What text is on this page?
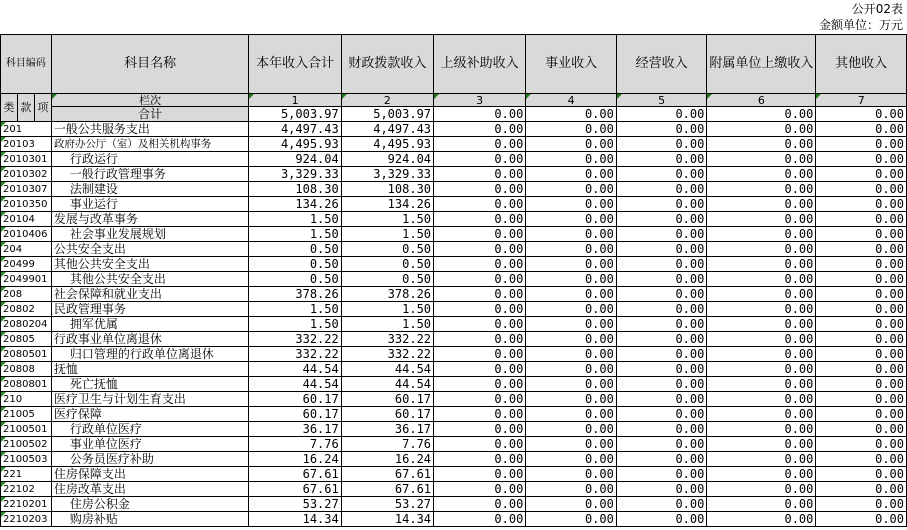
公开02表
金额单位：万元
科目编码			科目名称	本年收入合计	财政拨款收入	上级补助收入	事业收入	经营收入	附属单位上缴收入	其他收入
类	款	项	栏次	1	2	3	4	5	6	7
			合计	5,003.97	5,003.97	0.00	0.00	0.00	0.00	0.00
201			一般公共服务支出	4,497.43	4,497.43	0.00	0.00	0.00	0.00	0.00
20103			政府办公厅（室）及相关机构事务	4,495.93	4,495.93	0.00	0.00	0.00	0.00	0.00
2010301			行政运行	924.04	924.04	0.00	0.00	0.00	0.00	0.00
2010302			一般行政管理事务	3,329.33	3,329.33	0.00	0.00	0.00	0.00	0.00
2010307			法制建设	108.30	108.30	0.00	0.00	0.00	0.00	0.00
2010350			事业运行	134.26	134.26	0.00	0.00	0.00	0.00	0.00
20104			发展与改革事务	1.50	1.50	0.00	0.00	0.00	0.00	0.00
2010406			社会事业发展规划	1.50	1.50	0.00	0.00	0.00	0.00	0.00
204			公共安全支出	0.50	0.50	0.00	0.00	0.00	0.00	0.00
20499			其他公共安全支出	0.50	0.50	0.00	0.00	0.00	0.00	0.00
2049901			其他公共安全支出	0.50	0.50	0.00	0.00	0.00	0.00	0.00
208			社会保障和就业支出	378.26	378.26	0.00	0.00	0.00	0.00	0.00
20802			民政管理事务	1.50	1.50	0.00	0.00	0.00	0.00	0.00
2080204			拥军优属	1.50	1.50	0.00	0.00	0.00	0.00	0.00
20805			行政事业单位离退休	332.22	332.22	0.00	0.00	0.00	0.00	0.00
2080501			归口管理的行政单位离退休	332.22	332.22	0.00	0.00	0.00	0.00	0.00
20808			抚恤	44.54	44.54	0.00	0.00	0.00	0.00	0.00
2080801			死亡抚恤	44.54	44.54	0.00	0.00	0.00	0.00	0.00
210			医疗卫生与计划生育支出	60.17	60.17	0.00	0.00	0.00	0.00	0.00
21005			医疗保障	60.17	60.17	0.00	0.00	0.00	0.00	0.00
2100501			行政单位医疗	36.17	36.17	0.00	0.00	0.00	0.00	0.00
2100502			事业单位医疗	7.76	7.76	0.00	0.00	0.00	0.00	0.00
2100503			公务员医疗补助	16.24	16.24	0.00	0.00	0.00	0.00	0.00
221			住房保障支出	67.61	67.61	0.00	0.00	0.00	0.00	0.00
22102			住房改革支出	67.61	67.61	0.00	0.00	0.00	0.00	0.00
2210201			住房公积金	53.27	53.27	0.00	0.00	0.00	0.00	0.00
2210203			购房补贴	14.34	14.34	0.00	0.00	0.00	0.00	0.00
